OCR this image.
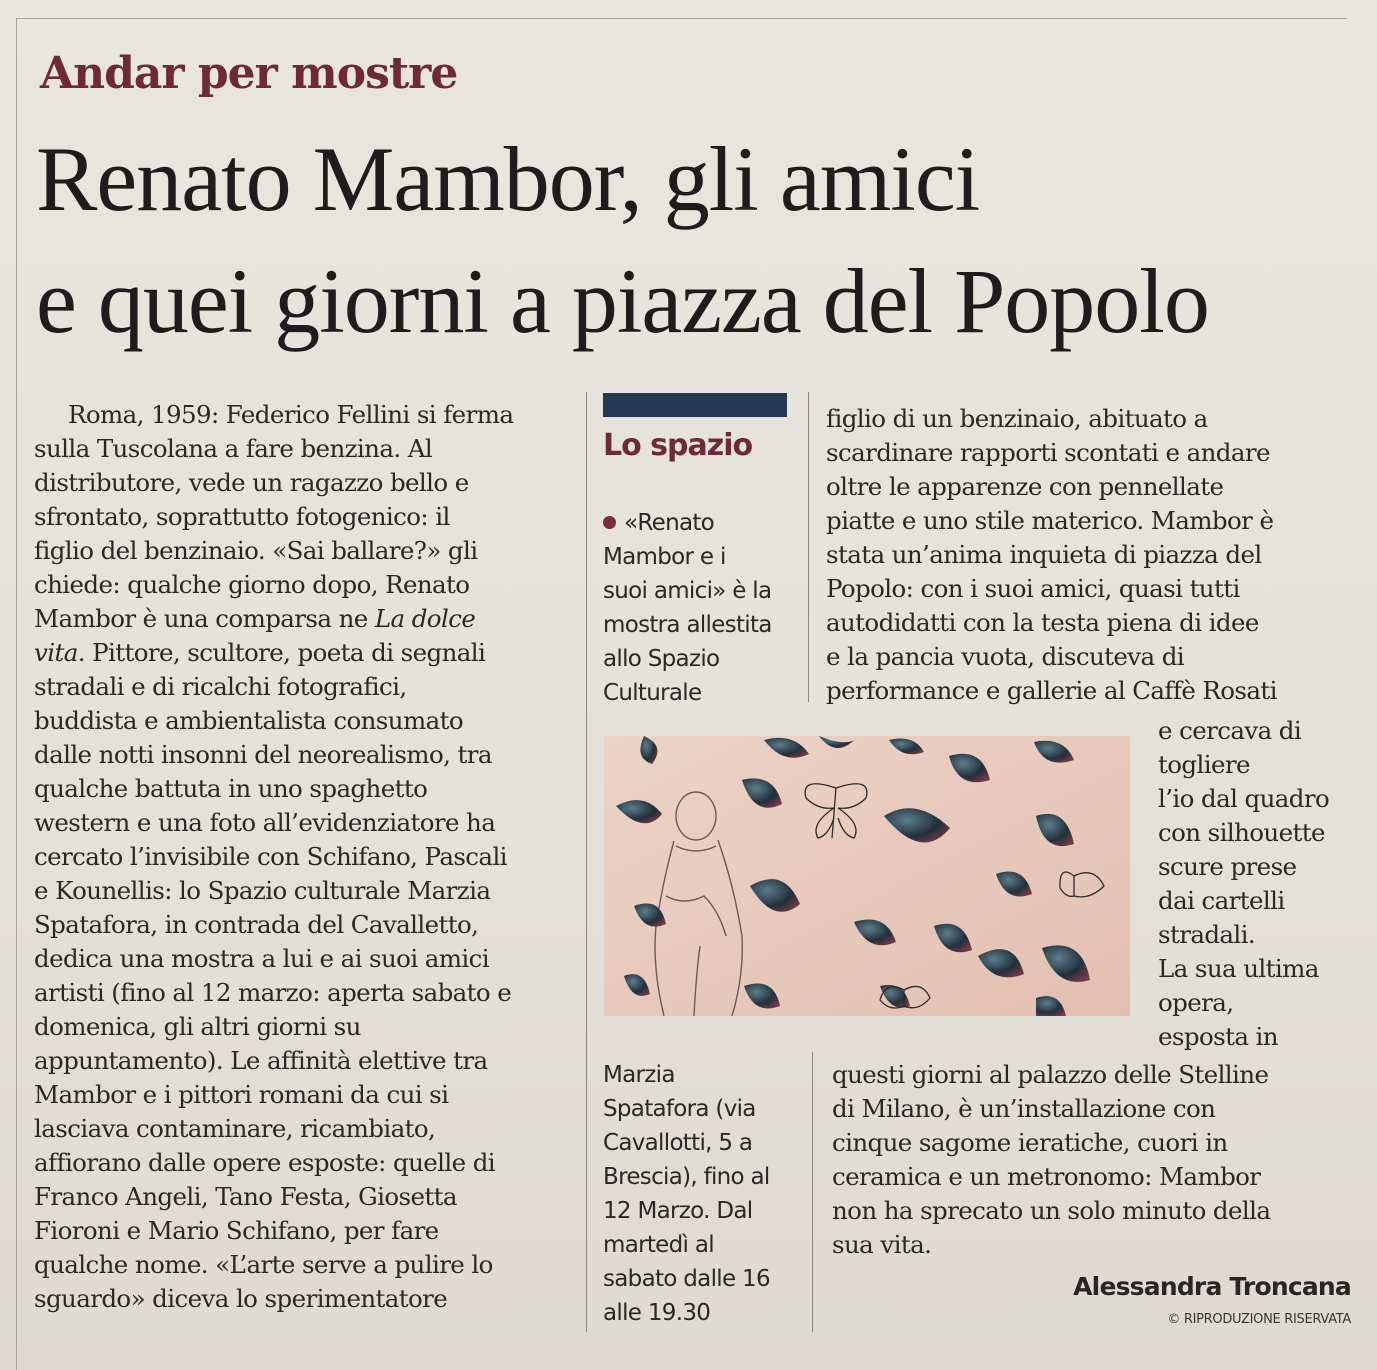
Andar per mostre
Renato Mambor, gli amici
e quei giorni a piazza del Popolo
Roma, 1959: Federico Fellini si ferma
sulla Tuscolana a fare benzina. Al
distributore, vede un ragazzo bello e
sfrontato, soprattutto fotogenico: il
figlio del benzinaio. «Sai ballare?» gli
chiede: qualche giorno dopo, Renato
Mambor è una comparsa ne La dolce
vita. Pittore, scultore, poeta di segnali
stradali e di ricalchi fotografici,
buddista e ambientalista consumato
dalle notti insonni del neorealismo, tra
qualche battuta in uno spaghetto
western e una foto all’evidenziatore ha
cercato l’invisibile con Schifano, Pascali
e Kounellis: lo Spazio culturale Marzia
Spatafora, in contrada del Cavalletto,
dedica una mostra a lui e ai suoi amici
artisti (fino al 12 marzo: aperta sabato e
domenica, gli altri giorni su
appuntamento). Le affinità elettive tra
Mambor e i pittori romani da cui si
lasciava contaminare, ricambiato,
affiorano dalle opere esposte: quelle di
Franco Angeli, Tano Festa, Giosetta
Fioroni e Mario Schifano, per fare
qualche nome. «L’arte serve a pulire lo
sguardo» diceva lo sperimentatore
Lo spazio
«Renato
Mambor e i
suoi amici» è la
mostra allestita
allo Spazio
Culturale
Marzia
Spatafora (via
Cavallotti, 5 a
Brescia), fino al
12 Marzo. Dal
martedì al
sabato dalle 16
alle 19.30
figlio di un benzinaio, abituato a
scardinare rapporti scontati e andare
oltre le apparenze con pennellate
piatte e uno stile materico. Mambor è
stata un’anima inquieta di piazza del
Popolo: con i suoi amici, quasi tutti
autodidatti con la testa piena di idee
e la pancia vuota, discuteva di
performance e gallerie al Caffè Rosati
e cercava di
togliere
l’io dal quadro
con silhouette
scure prese
dai cartelli
stradali.
La sua ultima
opera,
esposta in
questi giorni al palazzo delle Stelline
di Milano, è un’installazione con
cinque sagome ieratiche, cuori in
ceramica e un metronomo: Mambor
non ha sprecato un solo minuto della
sua vita.

Alessandra Troncana

© RIPRODUZIONE RISERVATA
